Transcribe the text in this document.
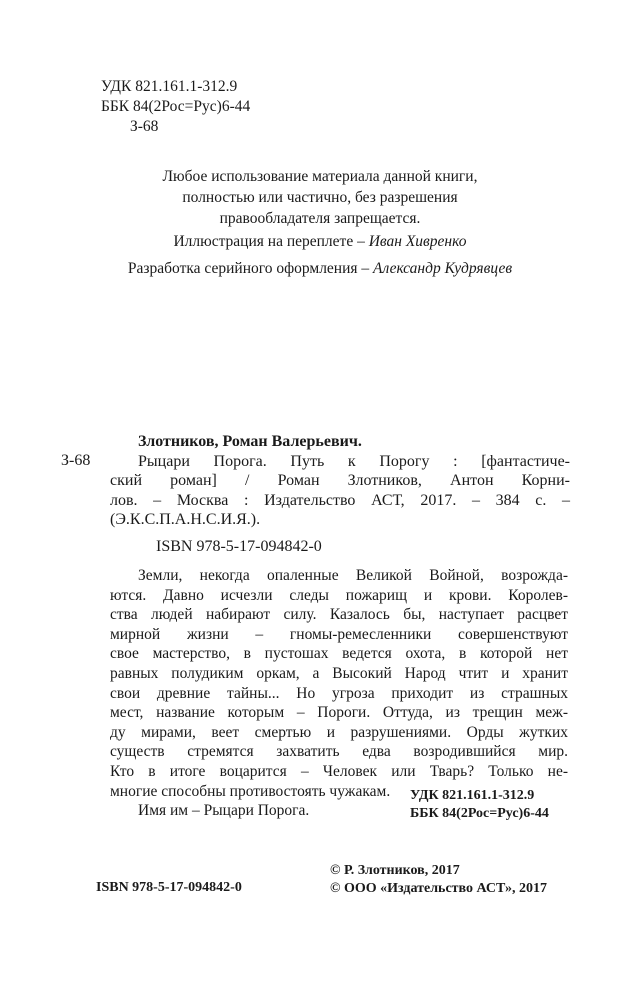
УДК 821.161.1-312.9
ББК 84(2Рос=Рус)6-44
З-68
Любое использование материала данной книги,
полностью или частично, без разрешения
правообладателя запрещается.
Иллюстрация на переплете – Иван Хивренко
Разработка серийного оформления – Александр Кудрявцев
З-68
Злотников, Роман Валерьевич.
Рыцари Порога. Путь к Порогу : [фантастиче-
ский роман] / Роман Злотников, Антон Корни-
лов. – Москва : Издательство АСТ, 2017. – 384 с. –
(Э.К.С.П.А.Н.С.И.Я.).
ISBN 978-5-17-094842-0
Земли, некогда опаленные Великой Войной, возрожда-
ются. Давно исчезли следы пожарищ и крови. Королев-
ства людей набирают силу. Казалось бы, наступает расцвет
мирной жизни – гномы-ремесленники совершенствуют
свое мастерство, в пустошах ведется охота, в которой нет
равных полудиким оркам, а Высокий Народ чтит и хранит
свои древние тайны... Но угроза приходит из страшных
мест, название которым – Пороги. Оттуда, из трещин меж-
ду мирами, веет смертью и разрушениями. Орды жутких
существ стремятся захватить едва возродившийся мир.
Кто в итоге воцарится – Человек или Тварь? Только не-
многие способны противостоять чужакам.
Имя им – Рыцари Порога.
УДК 821.161.1-312.9
ББК 84(2Рос=Рус)6-44
ISBN 978-5-17-094842-0
© Р. Злотников, 2017
© ООО «Издательство АСТ», 2017
